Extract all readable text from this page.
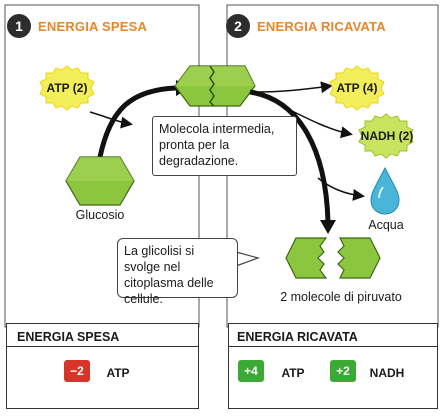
1	ENERGIA SPESA	2	ENERGIA RICAVATA
ATP (2)	ATP (4)
NADH (2)
Molecola intermedia, pronta per la degradazione.
Glucosio
Acqua
La glicolisi si svolge nel citoplasma delle cellule.	2 molecole di piruvato
ENERGIA SPESA
−2	ATP
ENERGIA RICAVATA
+4	ATP	+2	NADH
